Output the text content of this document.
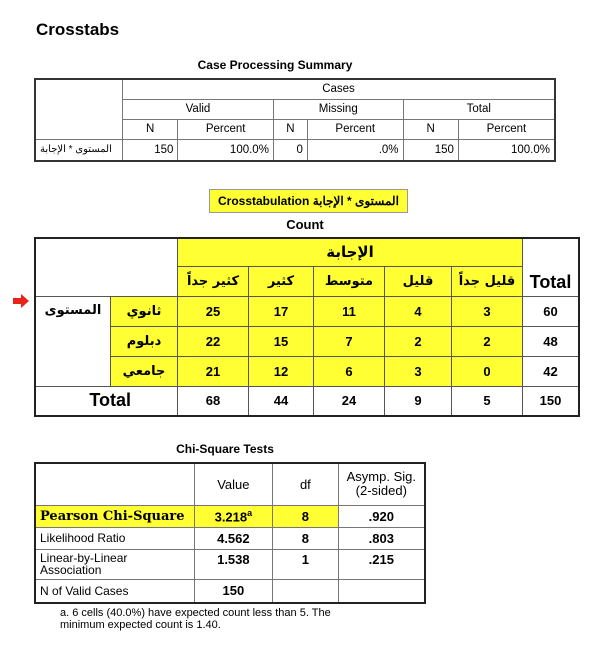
Crosstabs
Case Processing Summary
	Cases					
	Valid		Missing		Total	
	N	Percent	N	Percent	N	Percent
المستوى * الإجابة	150	100.0%	0	.0%	150	100.0%
Crosstabulation المستوى * الإجابة
Count
		الإجابة					Total
		كثير جداً	كثير	متوسط	قليل	قليل جداً	
المستوى	ثانوي	25	17	11	4	3	60
	دبلوم	22	15	7	2	2	48
	جامعي	21	12	6	3	0	42
Total		68	44	24	9	5	150
Chi-Square Tests
	Value	df	Asymp. Sig. (2-sided)
Pearson Chi-Square	3.218$^a$	8	.920
Likelihood Ratio	4.562	8	.803
Linear-by-Linear Association	1.538	1	.215
N of Valid Cases	150		
a. 6 cells (40.0%) have expected count less than 5. The minimum expected count is 1.40.
